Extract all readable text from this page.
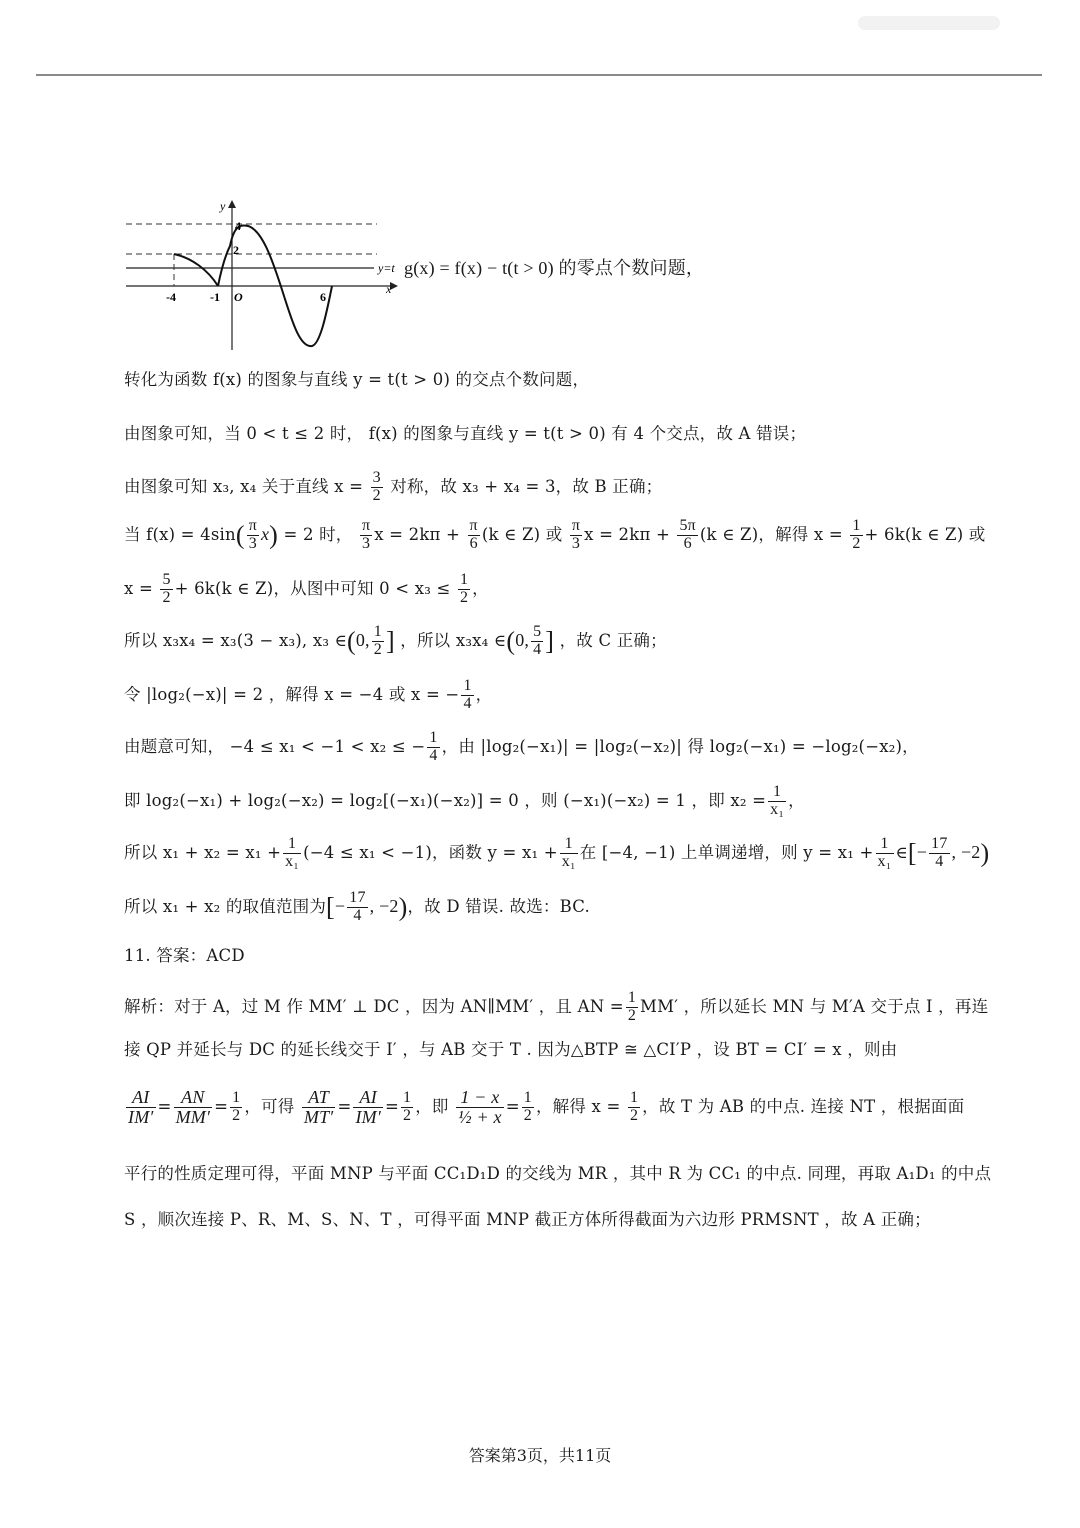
y
4
2
-4	-1 O	6
y=t
x
g(x) = f(x) − t(t > 0) 的零点个数问题，
转化为函数 f(x) 的图象与直线 y = t(t > 0) 的交点个数问题，
由图象可知，当 0 < t ≤ 2 时， f(x) 的图象与直线 y = t(t > 0) 有 4 个交点，故 A 错误；
由图象可知 x₃, x₄ 关于直线 $x = \frac{3}{2}$ 对称，故 x₃ + x₄ = 3，故 B 正确；
当 $f(x) = 4\sin( \frac{\pi}{3} x) = 2$ 时， $\frac{\pi}{3}$ $x = 2k\pi + \frac{\pi}{6} (k$ ∈ Z) 或 $\frac{\pi}{3}$ $x = 2k\pi + \frac{5\pi}{6} (k$ ∈ Z)，解得 $x = \frac{1}{2} + 6k(k$ ∈ Z) 或
$x = \frac{5}{2} + 6k(k$ ∈ Z)，从图中可知 $0 < x_3 \le \frac{1}{2}$ ，
所以 x₃x₄ = x₃(3 − x₃), x₃ ∈(0, $\frac{1}{2}$ ] ，所以 x₃x₄ ∈(0, $\frac{5}{4}$ ] ，故 C 正确；
令 |log₂(−x)| = 2 ，解得 x = −4 或 x = − $\frac{1}{4}$ ，
由题意可知， −4 ≤ x₁ < −1 < x₂ ≤ − $\frac{1}{4}$ ，由 |log₂(−x₁)| = |log₂(−x₂)| 得 log₂(−x₁) = −log₂(−x₂)，
即 log₂(−x₁) + log₂(−x₂) = log₂[(−x₁)(−x₂)] = 0 ，则 (−x₁)(−x₂) = 1 ，即 $x_2 = \frac{1}{\text{x₁}}$ ，
所以 $x_1 + x_2 = x_1 + \frac{1}{\text{x₁}} (-4 \le x_1 < -1)$，函数 $y = x_1 + \frac{1}{\text{x₁}}$ 在 [−4, −1) 上单调递增，则 $y = x_1 + \frac{1}{\text{x₁}}$ ∈[− $\frac{17}{4}$ , −2)
所以 x₁ + x₂ 的取值范围为[− $\frac{17}{4}$ , −2)，故 D 错误. 故选：BC.
11. 答案：ACD
解析：对于 A，过 M 作 MM′ ⊥ DC ，因为 AN∥MM′ ，且 AN = $\frac{1}{2} MM'$ ，所以延长 MN 与 M′A 交于点 I ，再连
接 QP 并延长与 DC 的延长线交于 I′ ，与 AB 交于 T . 因为△BTP ≅ △CI′P ，设 BT = CI′ = x ，则由
$\frac{AI}{IM'} = \frac{AN}{MM'} = \frac{1}{2}$ ，可得 $\frac{AT}{MT'} = \frac{AI}{IM'} = \frac{1}{2}$ ，即 $\frac{1 - x}{\text{½ + x}} = \frac{1}{2}$ ，解得 $x = \frac{1}{2}$ ，故 T 为 AB 的中点. 连接 NT ，根据面面
平行的性质定理可得，平面 MNP 与平面 CC₁D₁D 的交线为 MR ，其中 R 为 CC₁ 的中点. 同理，再取 A₁D₁ 的中点
S ，顺次连接 P、R、M、S、N、T ，可得平面 MNP 截正方体所得截面为六边形 PRMSNT ，故 A 正确；
答案第3页，共11页
